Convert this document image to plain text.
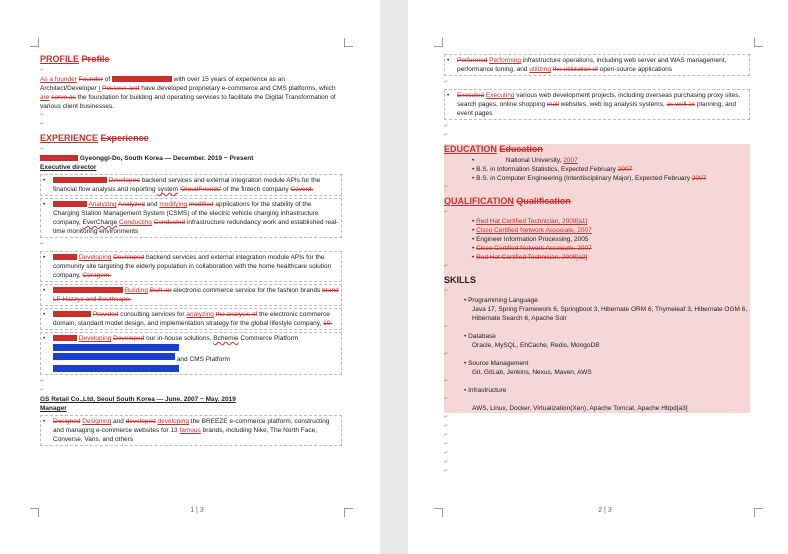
PROFILE Profile
↵

As a founder Founder of	with over 15 years of experience as an Architect/Developer I Possess and have developed proprietary e-commerce and CMS platforms, which are serve as the foundation for building and operating services to facilitate the Digital Transformation of various client businesses.

↵
↵
EXPERIENCE Experience
↵

Gyeonggi-Do, South Korea — December. 2019 ~ Present

Executive director

•	Developed backend services and external integration module APIs for the financial flow analysis and reporting system 'GloudFriends' of the fintech company Coverd.
•	Analyzing Analyzed and modifying modified applications for the stability of the Charging Station Management System (CSMS) of the electric vehicle charging infrastructure company, EverCharge Conducting Conducted infrastructure redundancy work and established real-time monitoring environments
↵
•	Developing Developed backend services and external integration module APIs for the community site targeting the elderly population in collaboration with the home healthcare solution company, Coragem.
•	Building Built an electronic commerce service for the fashion brands brand LF Hazzys and Southcape.
•	Provided consulting services for analyzing the analysis of the electronic commerce domain, standard model design, and implementation strategy for the global lifestyle company, 19.
•	Developing Developed our in-house solutions, Bchemie Commerce Platform
and CMS Platform
↵
↵

GS Retail Co.,Ltd, Seoul South Korea — June. 2007 ~ May. 2019

Manager

•	Designed Designing and developed developing the BREEZE e-commerce platform, constructing and managing e-commerce websites for 13 famous brands, including Nike, The North Face, Converse, Vans, and others
1 | 3
•	Performed Performing infrastructure operations, including web server and WAS management, performance tuning, and utilizing the utilization of open-source applications
↵
•	Executed Executing various web development projects, including overseas purchasing proxy sites, search pages, online shopping mall websites, web log analysis systems, as well as planning, and event pages
↵
↵
EDUCATION Education
•	National University, 2007
• B.S. in Information Statistics, Expected February 2007
• B.S. in Computer Engineering (Interdisciplinary Major), Expected February 2007
↵
QUALIFICATION Qualification
↵
• Red Hat Certified Technician, 2009[a1]
• Cisco Certified Network Associate, 2007
• Engineer Information Processing, 2005
• Cisco Certified Network Associate, 2007
• Red Hat Certified Technician, 2009[a2]
↵
SKILLS
↵
• Programming Language
Java 17, Spring Framework 6, Springboot 3, Hibernate ORM 6, Thymeleaf 3, Hibernate OGM 6, Hibernate Search 6, Apache Solr
↵
• Database
Oracle, MySQL, EhCache, Redis, MongoDB
↵
• Source Management
Git, GitLab, Jenkins, Nexus, Maven, AWS
↵
• Infrastructure
↵
AWS, Linux, Docker, Virtualization(Xen), Apache Tomcat, Apache Httpd[a3]
↵
↵
↵
↵
↵
↵
↵
2 | 3
